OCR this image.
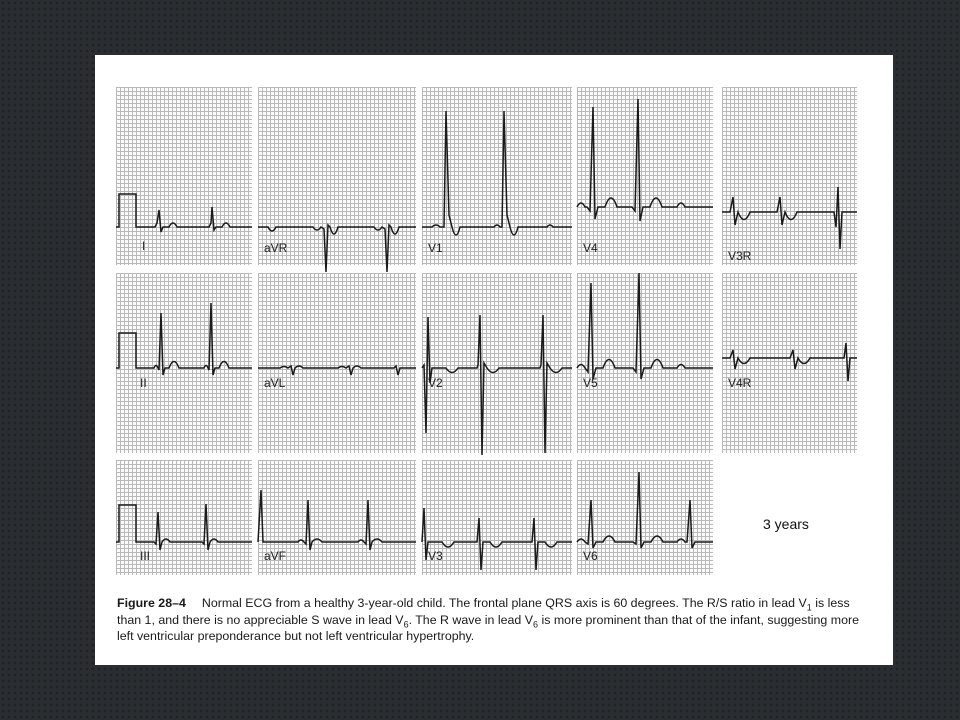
I	aVR	V1	V4
V3R
II	aVL	V2	V5	V4R
III	aVF	V3	V6
3 years
Figure 28–4 Normal ECG from a healthy 3-year-old child. The frontal plane QRS axis is 60 degrees. The R/S ratio in lead $V_1$ is less than 1, and there is no appreciable S wave in lead $V_6$. The R wave in lead $V_6$ is more prominent than that of the infant, suggesting more left ventricular preponderance but not left ventricular hypertrophy.
